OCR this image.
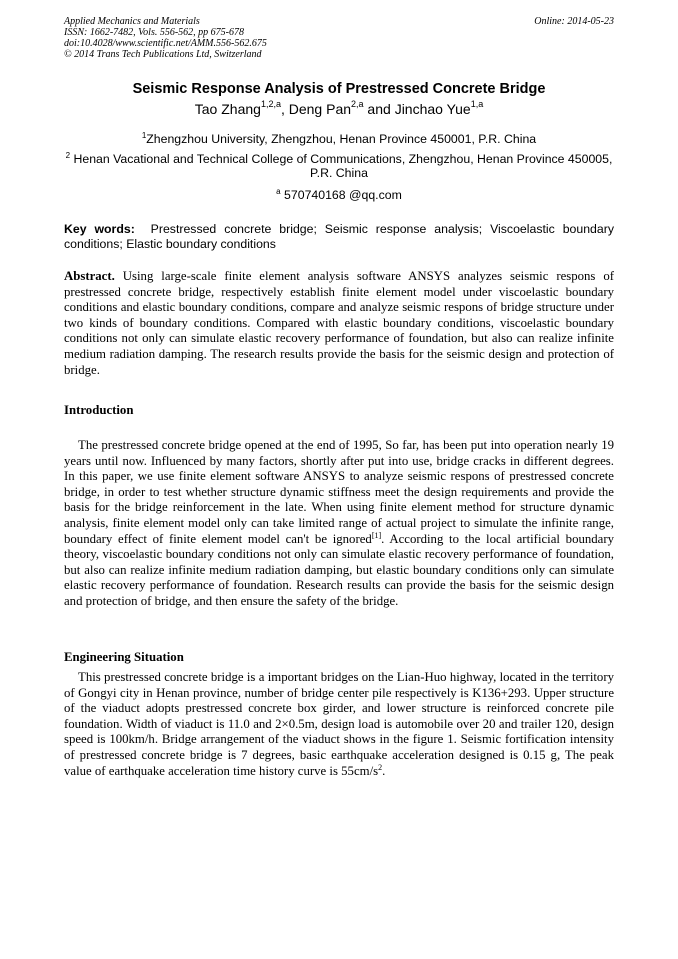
Applied Mechanics and Materials
ISSN: 1662-7482, Vols. 556-562, pp 675-678
doi:10.4028/www.scientific.net/AMM.556-562.675
© 2014 Trans Tech Publications Ltd, Switzerland
Online: 2014-05-23
Seismic Response Analysis of Prestressed Concrete Bridge
Tao Zhang$^{1,2,a}$, Deng Pan$^{2,a}$ and Jinchao Yue$^{1,a}$
$^1$Zhengzhou University, Zhengzhou, Henan Province 450001, P.R. China
$^2$ Henan Vacational and Technical College of Communications, Zhengzhou, Henan Province 450005, P.R. China
$^a$ 570740168 @qq.com
Key words: Prestressed concrete bridge; Seismic response analysis; Viscoelastic boundary conditions; Elastic boundary conditions
Abstract. Using large-scale finite element analysis software ANSYS analyzes seismic respons of prestressed concrete bridge, respectively establish finite element model under viscoelastic boundary conditions and elastic boundary conditions, compare and analyze seismic respons of bridge structure under two kinds of boundary conditions. Compared with elastic boundary conditions, viscoelastic boundary conditions not only can simulate elastic recovery performance of foundation, but also can realize infinite medium radiation damping. The research results provide the basis for the seismic design and protection of bridge.
Introduction
The prestressed concrete bridge opened at the end of 1995, So far, has been put into operation nearly 19 years until now. Influenced by many factors, shortly after put into use, bridge cracks in different degrees. In this paper, we use finite element software ANSYS to analyze seismic respons of prestressed concrete bridge, in order to test whether structure dynamic stiffness meet the design requirements and provide the basis for the bridge reinforcement in the late. When using finite element method for structure dynamic analysis, finite element model only can take limited range of actual project to simulate the infinite range, boundary effect of finite element model can't be ignored[1]. According to the local artificial boundary theory, viscoelastic boundary conditions not only can simulate elastic recovery performance of foundation, but also can realize infinite medium radiation damping, but elastic boundary conditions only can simulate elastic recovery performance of foundation. Research results can provide the basis for the seismic design and protection of bridge, and then ensure the safety of the bridge.
Engineering Situation
This prestressed concrete bridge is a important bridges on the Lian-Huo highway, located in the territory of Gongyi city in Henan province, number of bridge center pile respectively is K136+293. Upper structure of the viaduct adopts prestressed concrete box girder, and lower structure is reinforced concrete pile foundation. Width of viaduct is 11.0 and 2×0.5m, design load is automobile over 20 and trailer 120, design speed is 100km/h. Bridge arrangement of the viaduct shows in the figure 1. Seismic fortification intensity of prestressed concrete bridge is 7 degrees, basic earthquake acceleration designed is 0.15 g, The peak value of earthquake acceleration time history curve is $55cm/s^2$.
